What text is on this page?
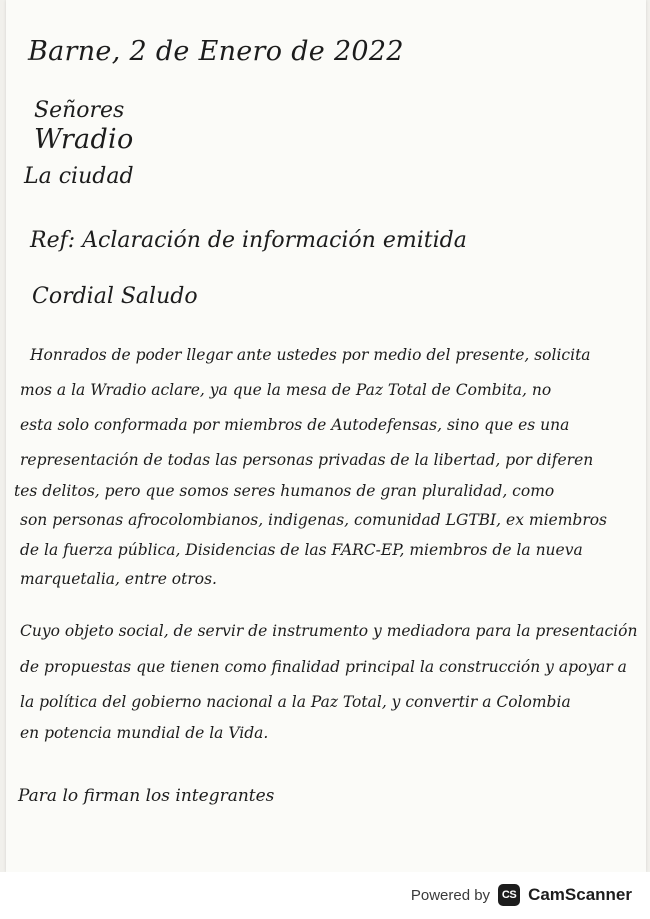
Barne, 2 de Enero de 2022

Señores

Wradio

La ciudad

Ref: Aclaración de información emitida

Cordial Saludo

Honrados de poder llegar ante ustedes por medio del presente, solicita

mos a la Wradio aclare, ya que la mesa de Paz Total de Combita, no

esta solo conformada por miembros de Autodefensas, sino que es una

representación de todas las personas privadas de la libertad, por diferen

tes delitos, pero que somos seres humanos de gran pluralidad, como

son personas afrocolombianos, indigenas, comunidad LGTBI, ex miembros

de la fuerza pública, Disidencias de las FARC-EP, miembros de la nueva

marquetalia, entre otros.

Cuyo objeto social, de servir de instrumento y mediadora para la presentación

de propuestas que tienen como finalidad principal la construcción y apoyar a

la política del gobierno nacional a la Paz Total, y convertir a Colombia

en potencia mundial de la Vida.

Para lo firman los integrantes

Powered by	CS CamScanner
